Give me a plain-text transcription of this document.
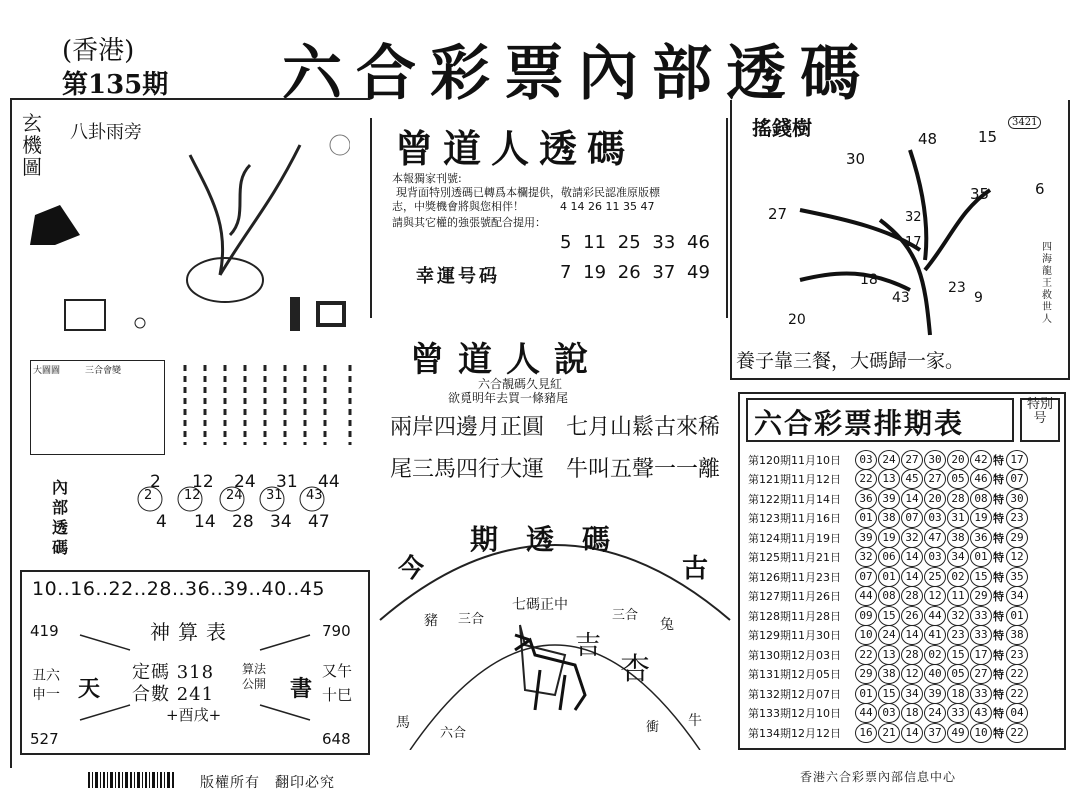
(香港)
第135期 六合彩票內部透碼
玄機圖
八卦雨旁
大圖圖	三合會變
內部透碼
2 12 24 31 44
2 12 24 31 43
4 14 28 34 47
10..16..22..28..36..39..40..45
神算表
419	790
丑六
申一 天
定碼 318
合數 241
算法公開
+酉戌+
書
又午
十巳
527	648
曾道人透碼
本報獨家刊號:
現背面特別透碼已轉爲本欄提供，敬請彩民認准原版標
志，中獎機會將與您相伴！
請與其它權的強張號配合提用：
4 14 26 11 35 47
幸運号码
5 11 25 33 46
7 19 26 37 49
曾道人說
六合靚碼久見紅
欲覓明年去買一條豬尾
兩岸四邊月正圓 七月山鬆古來稀
尾三馬四行大運 牛叫五聲一一離
今
期透碼
古
七碼正中
豬 三合	三合
兔
吉
杏
馬
六合	衝 牛
搖錢樹
30
48	15
35	6
27	32
17
18
43
23
9
20
3421
四海龍王救世人
養子靠三餐，大碼歸一家。
六合彩票排期表
特別号
第120期11月10日	03 24 27 30 20 42 特 17
第121期11月12日	22 13 45 27 05 46 特 07
第122期11月14日	36 39 14 20 28 08 特 30
第123期11月16日	01 38 07 03 31 19 特 23
第124期11月19日	39 19 32 47 38 36 特 29
第125期11月21日	32 06 14 03 34 01 特 12
第126期11月23日	07 01 14 25 02 15 特 35
第127期11月26日	44 08 28 12 11 29 特 34
第128期11月28日	09 15 26 44 32 33 特 01
第129期11月30日	10 24 14 41 23 33 特 38
第130期12月03日	22 13 28 02 15 17 特 23
第131期12月05日	29 38 12 40 05 27 特 22
第132期12月07日	01 15 34 39 18 33 特 22
第133期12月10日	44 03 18 24 33 43 特 04
第134期12月12日	16 21 14 37 49 10 特 22
版權所有　翻印必究	香港六合彩票內部信息中心
